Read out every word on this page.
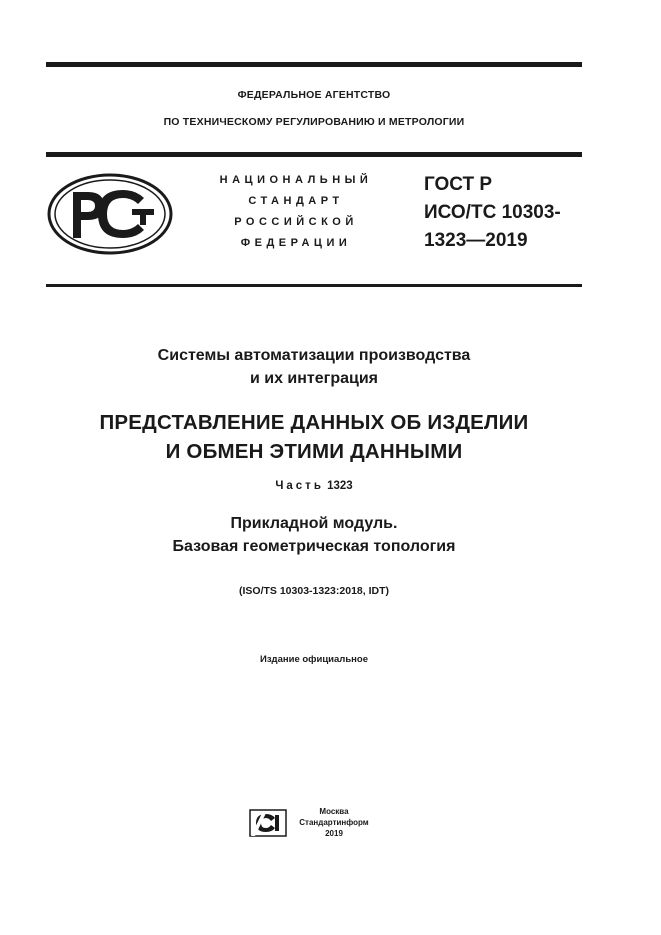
ФЕДЕРАЛЬНОЕ АГЕНТСТВО
ПО ТЕХНИЧЕСКОМУ РЕГУЛИРОВАНИЮ И МЕТРОЛОГИИ
НАЦИОНАЛЬНЫЙ
СТАНДАРТ
РОССИЙСКОЙ
ФЕДЕРАЦИИ
ГОСТ Р
ИСО/ТС 10303-
1323—2019
Системы автоматизации производства
и их интеграция
ПРЕДСТАВЛЕНИЕ ДАННЫХ ОБ ИЗДЕЛИИ
И ОБМЕН ЭТИМИ ДАННЫМИ
Часть 1323
Прикладной модуль.
Базовая геометрическая топология
(ISO/TS 10303-1323:2018, IDT)
Издание официальное
Москва
Стандартинформ
2019
